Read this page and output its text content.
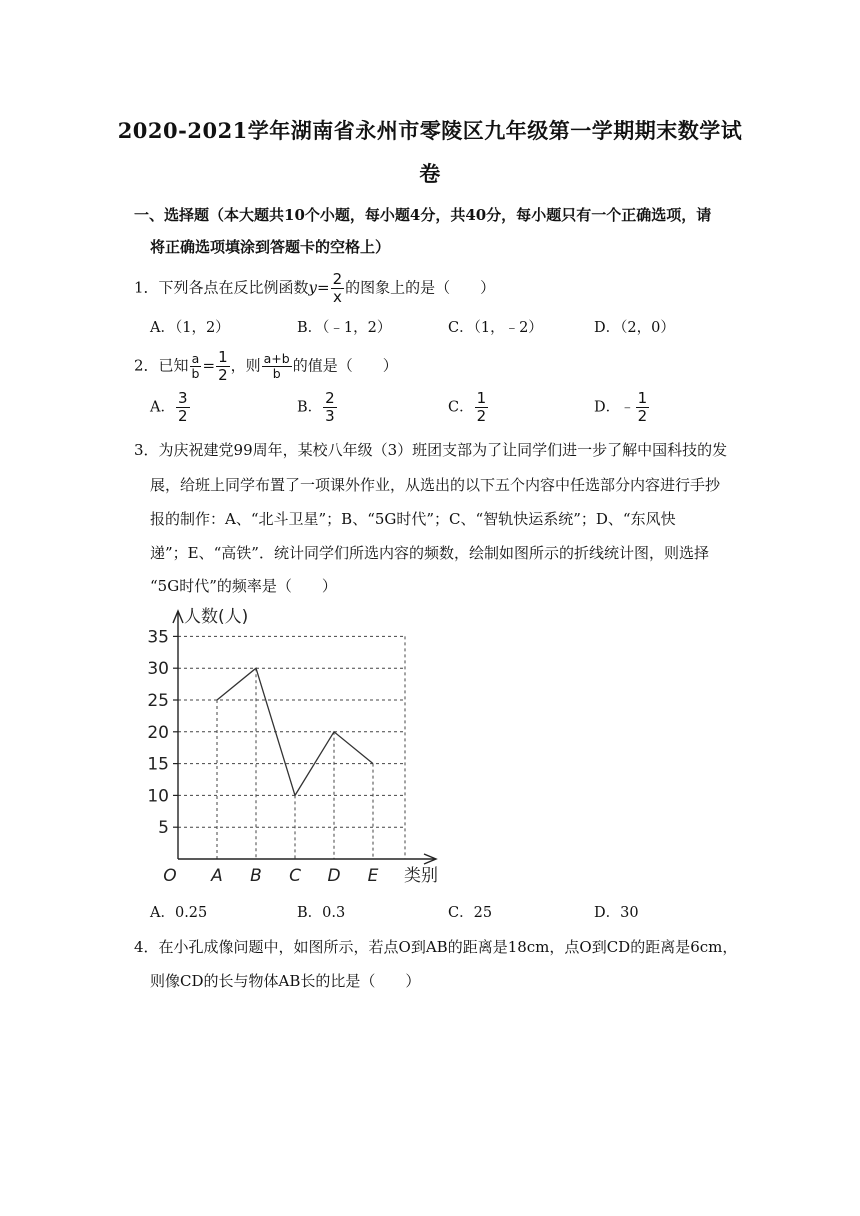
2020-2021学年湖南省永州市零陵区九年级第一学期期末数学试
卷
一、选择题（本大题共10个小题，每小题4分，共40分，每小题只有一个正确选项，请
将正确选项填涂到答题卡的空格上）
1．下列各点在反比例函数$y= \frac{2}{x}$ 的图象上的是（　　）
A．（1，2）	B．（﹣1，2）	C．（1，﹣2）	D．（2，0）
2．已知 $\frac{a}{b} = \frac{1}{2}$ ，则 $\frac{a+b}{b}$ 的值是（　　）
A． $\frac{3}{2}$	B． $\frac{2}{3}$	C． $\frac{1}{2}$	D．﹣ $\frac{1}{2}$
3．为庆祝建党99周年，某校八年级（3）班团支部为了让同学们进一步了解中国科技的发
展，给班上同学布置了一项课外作业，从选出的以下五个内容中任选部分内容进行手抄
报的制作：A、“北斗卫星”；B、“5G时代”；C、“智轨快运系统”；D、“东风快
递”；E、“高铁”．统计同学们所选内容的频数，绘制如图所示的折线统计图，则选择
“5G时代”的频率是（　　）
5
10
15
20
25
30
35
O A B C D E
人数(人)
类别
A．0.25	B．0.3	C．25	D．30
4．在小孔成像问题中，如图所示，若点O到AB的距离是18cm，点O到CD的距离是6cm，
则像CD的长与物体AB长的比是（　　）
